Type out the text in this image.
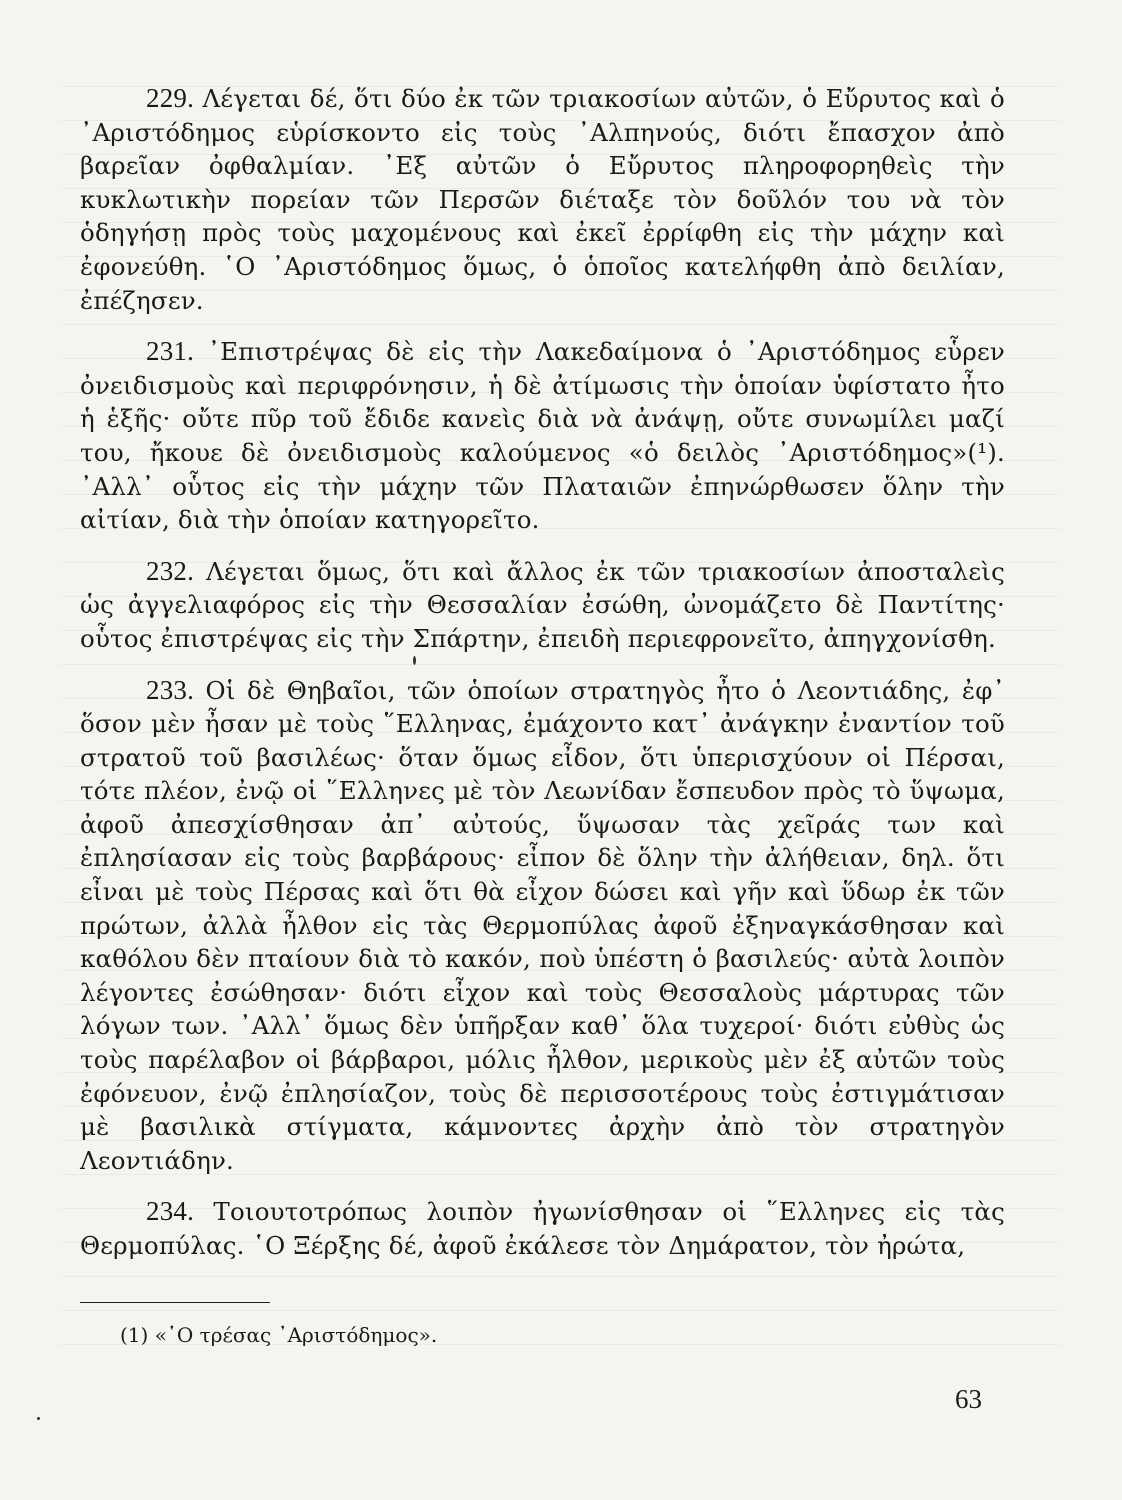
229. Λέγεται δέ, ὅτι δύο ἐκ τῶν τριακοσίων αὐτῶν, ὁ Εὔρυτος καὶ ὁ ᾿Αριστόδημος εὑρίσκοντο εἰς τοὺς ᾿Αλπηνούς, διότι ἔπασχον ἀπὸ βαρεῖαν ὀφθαλμίαν. ᾿Εξ αὐτῶν ὁ Εὔρυτος πληροφορηθεὶς τὴν κυκλωτικὴν πορείαν τῶν Περσῶν διέταξε τὸν δοῦλόν του νὰ τὸν ὁδηγήσῃ πρὸς τοὺς μαχομένους καὶ ἐκεῖ ἐρρίφθη εἰς τὴν μάχην καὶ ἐφονεύθη. ῾Ο ᾿Αριστόδημος ὅμως, ὁ ὁποῖος κατελήφθη ἀπὸ δειλίαν, ἐπέζησεν.

231. ᾿Επιστρέψας δὲ εἰς τὴν Λακεδαίμονα ὁ ᾿Αριστόδημος εὗρεν ὀνειδισμοὺς καὶ περιφρόνησιν, ἡ δὲ ἀτίμωσις τὴν ὁποίαν ὑφίστατο ἦτο ἡ ἑξῆς· οὔτε πῦρ τοῦ ἔδιδε κανεὶς διὰ νὰ ἀνάψῃ, οὔτε συνωμίλει μαζί του, ἤκουε δὲ ὀνειδισμοὺς καλούμενος «ὁ δειλὸς ᾿Αριστόδημος»(¹). ᾿Αλλ᾿ οὗτος εἰς τὴν μάχην τῶν Πλαταιῶν ἐπηνώρθωσεν ὅλην τὴν αἰτίαν, διὰ τὴν ὁποίαν κατηγορεῖτο.

232. Λέγεται ὅμως, ὅτι καὶ ἄλλος ἐκ τῶν τριακοσίων ἀποσταλεὶς ὡς ἀγγελιαφόρος εἰς τὴν Θεσσαλίαν ἐσώθη, ὠνομάζετο δὲ Παντίτης· οὗτος ἐπιστρέψας εἰς τὴν Σπάρτην, ἐπειδὴ περιεφρονεῖτο, ἀπηγχονίσθη.

233. Οἱ δὲ Θηβαῖοι, τῶν ὁποίων στρατηγὸς ἦτο ὁ Λεοντιάδης, ἐφ᾿ ὅσον μὲν ἦσαν μὲ τοὺς ῞Ελληνας, ἐμάχοντο κατ᾿ ἀνάγκην ἐναντίον τοῦ στρατοῦ τοῦ βασιλέως· ὅταν ὅμως εἶδον, ὅτι ὑπερισχύουν οἱ Πέρσαι, τότε πλέον, ἐνῷ οἱ ῞Ελληνες μὲ τὸν Λεωνίδαν ἔσπευδον πρὸς τὸ ὕψωμα, ἀφοῦ ἀπεσχίσθησαν ἀπ᾿ αὐτούς, ὕψωσαν τὰς χεῖράς των καὶ ἐπλησίασαν εἰς τοὺς βαρβάρους· εἶπον δὲ ὅλην τὴν ἀλήθειαν, δηλ. ὅτι εἶναι μὲ τοὺς Πέρσας καὶ ὅτι θὰ εἶχον δώσει καὶ γῆν καὶ ὕδωρ ἐκ τῶν πρώτων, ἀλλὰ ἦλθον εἰς τὰς Θερμοπύλας ἀφοῦ ἐξηναγκάσθησαν καὶ καθόλου δὲν πταίουν διὰ τὸ κακόν, ποὺ ὑπέστη ὁ βασιλεύς· αὐτὰ λοιπὸν λέγοντες ἐσώθησαν· διότι εἶχον καὶ τοὺς Θεσσαλοὺς μάρτυρας τῶν λόγων των. ᾿Αλλ᾿ ὅμως δὲν ὑπῆρξαν καθ᾿ ὅλα τυχεροί· διότι εὐθὺς ὡς τοὺς παρέλαβον οἱ βάρβαροι, μόλις ἦλθον, μερικοὺς μὲν ἐξ αὐτῶν τοὺς ἐφόνευον, ἐνῷ ἐπλησίαζον, τοὺς δὲ περισσοτέρους τοὺς ἐστιγμάτισαν μὲ βασιλικὰ στίγματα, κάμνοντες ἀρχὴν ἀπὸ τὸν στρατηγὸν Λεοντιάδην.

234. Τοιουτοτρόπως λοιπὸν ἠγωνίσθησαν οἱ ῞Ελληνες εἰς τὰς Θερμοπύλας. ῾Ο Ξέρξης δέ, ἀφοῦ ἐκάλεσε τὸν Δημάρατον, τὸν ἠρώτα,

(1) «῾Ο τρέσας ᾿Αριστόδημος».
63
